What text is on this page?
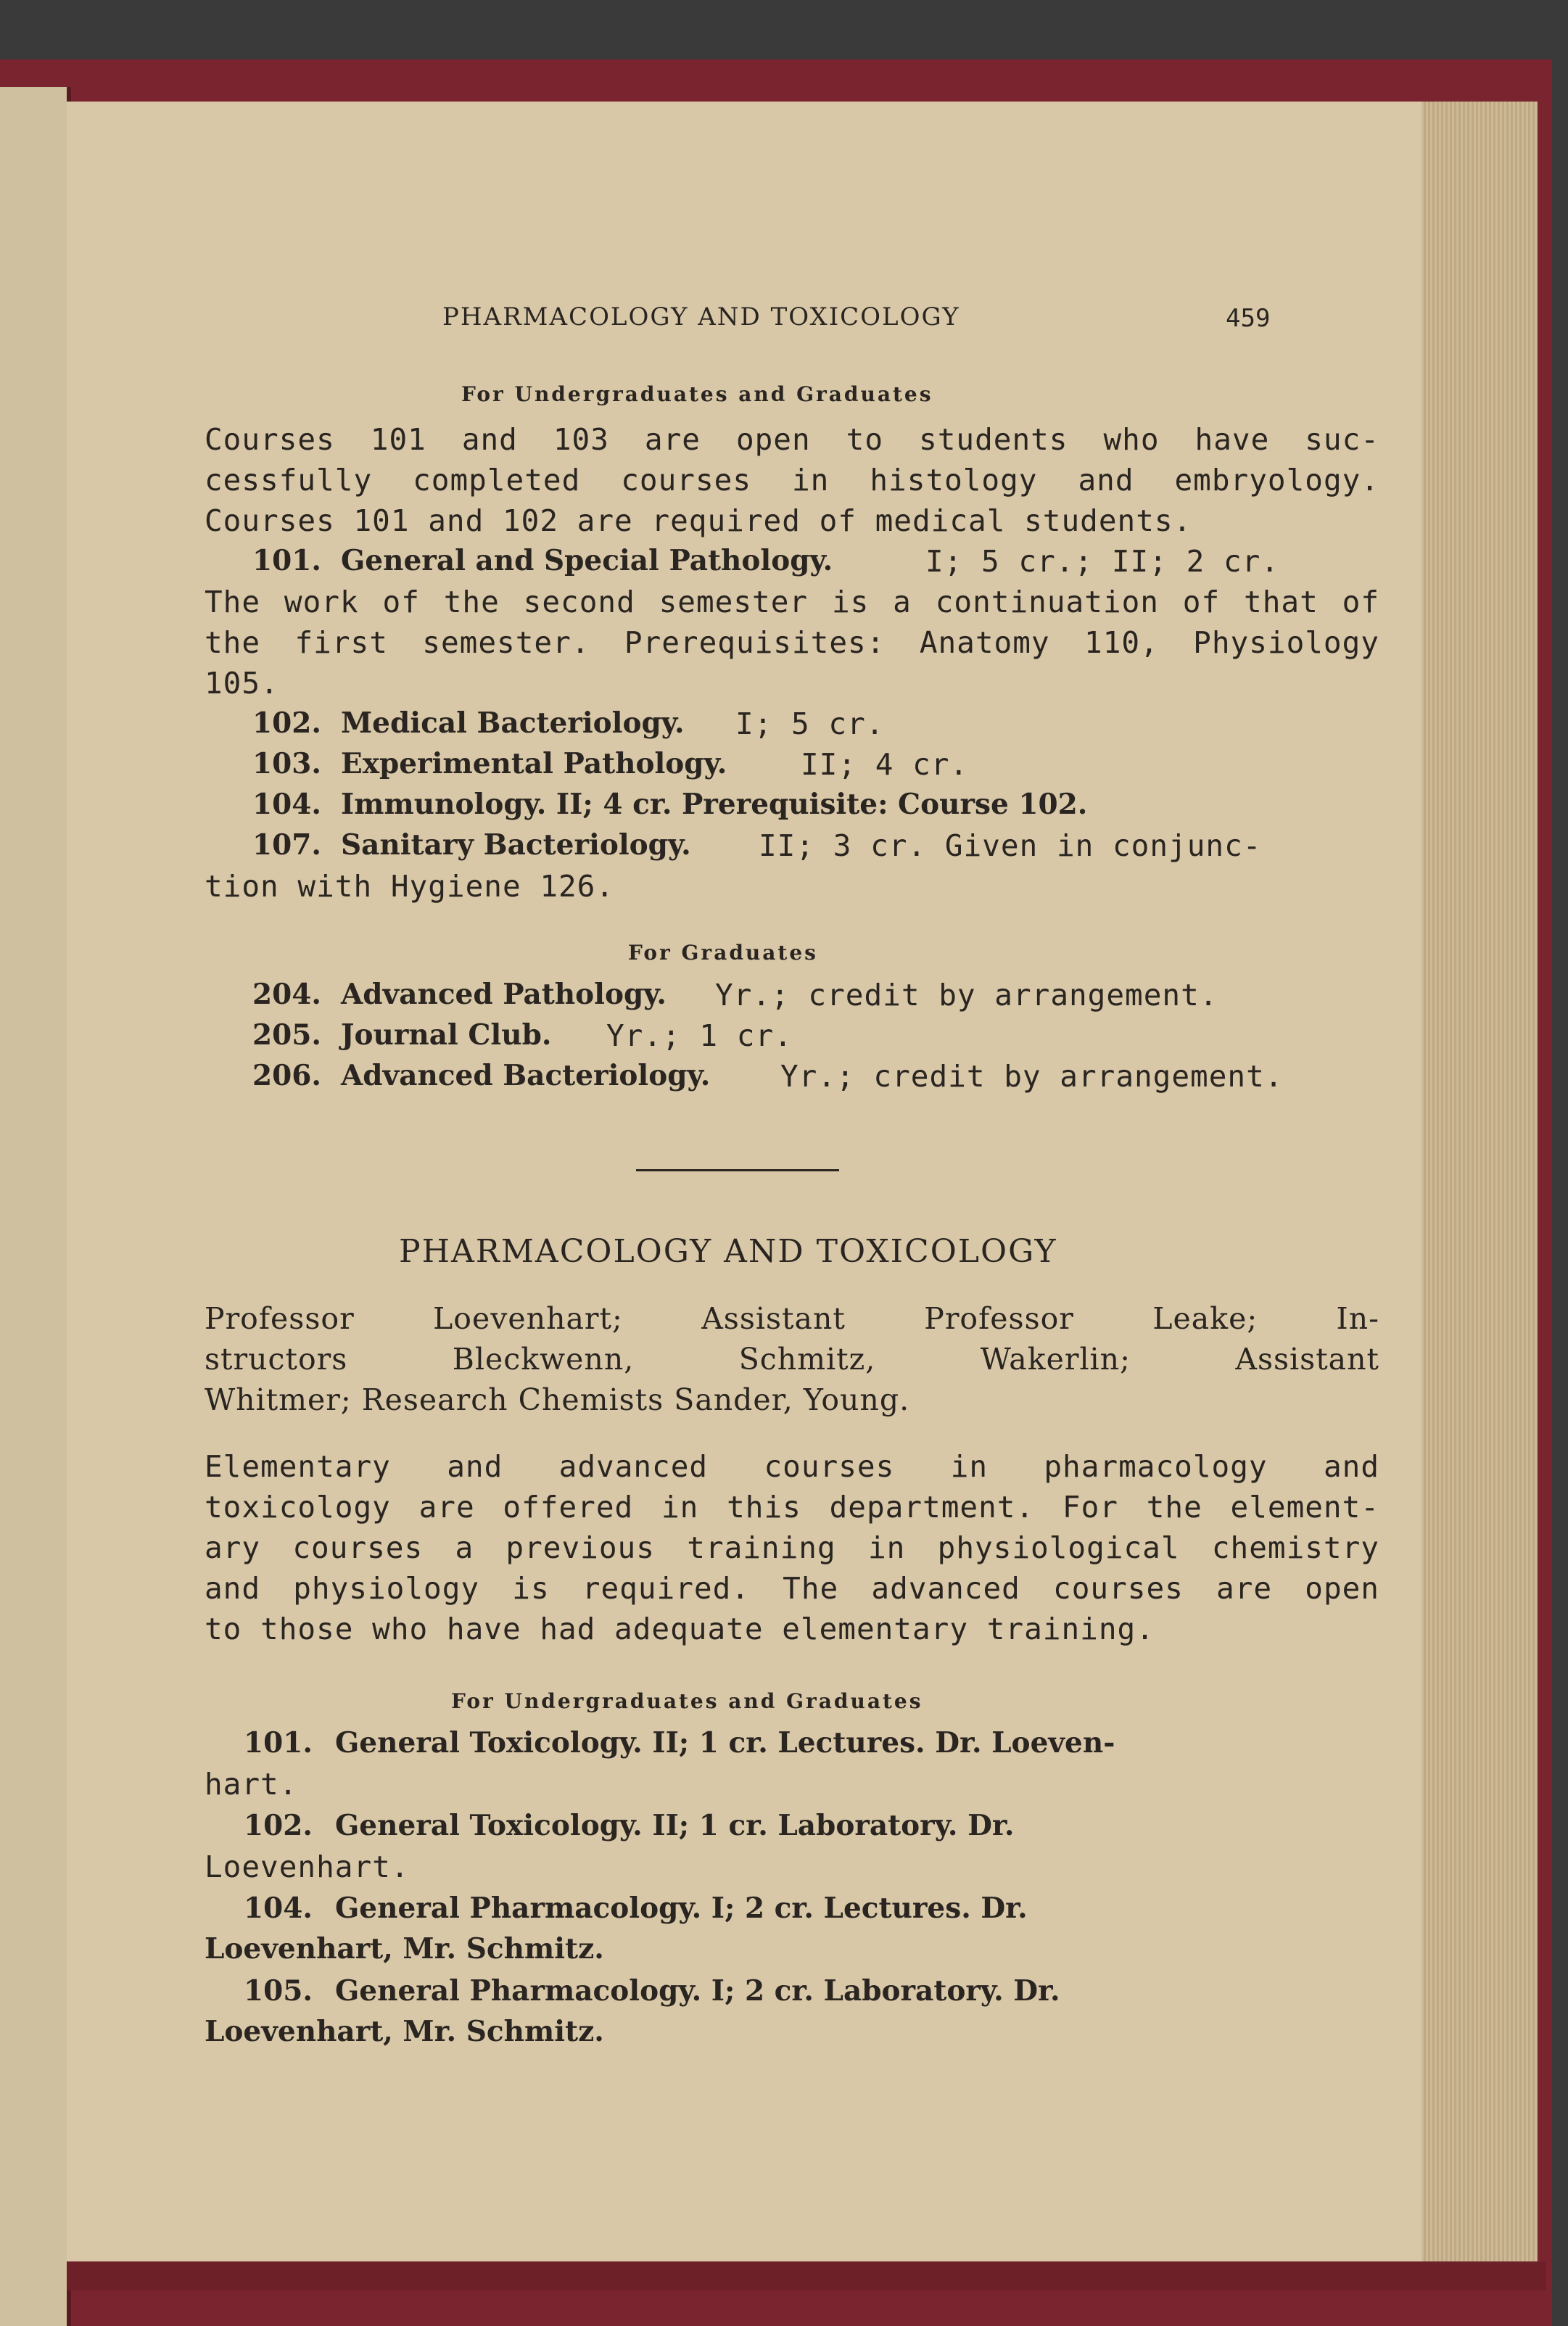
PHARMACOLOGY AND TOXICOLOGY	459
For Undergraduates and Graduates
Courses 101 and 103 are open to students who have suc-
cessfully completed courses in histology and embryology.
Courses 101 and 102 are required of medical students.
101. General and Special Pathology.	I; 5 cr.; II; 2 cr.
The work of the second semester is a continuation of that of
the first semester. Prerequisites: Anatomy 110, Physiology
105.
102. Medical Bacteriology. I; 5 cr.
103. Experimental Pathology. II; 4 cr.
104. Immunology. II; 4 cr. Prerequisite: Course 102.
107. Sanitary Bacteriology. II; 3 cr. Given in conjunc-
tion with Hygiene 126.
For Graduates
204. Advanced Pathology. Yr.; credit by arrangement.
205. Journal Club. Yr.; 1 cr.
206. Advanced Bacteriology. Yr.; credit by arrangement.
PHARMACOLOGY AND TOXICOLOGY
Professor Loevenhart; Assistant Professor Leake; In-
structors Bleckwenn, Schmitz, Wakerlin; Assistant
Whitmer; Research Chemists Sander, Young.
Elementary and advanced courses in pharmacology and
toxicology are offered in this department. For the element-
ary courses a previous training in physiological chemistry
and physiology is required. The advanced courses are open
to those who have had adequate elementary training.
For Undergraduates and Graduates
101. General Toxicology. II; 1 cr. Lectures. Dr. Loeven-
hart.
102. General Toxicology. II; 1 cr. Laboratory. Dr.
Loevenhart.
104. General Pharmacology. I; 2 cr. Lectures. Dr.
Loevenhart, Mr. Schmitz.
105. General Pharmacology. I; 2 cr. Laboratory. Dr.
Loevenhart, Mr. Schmitz.
